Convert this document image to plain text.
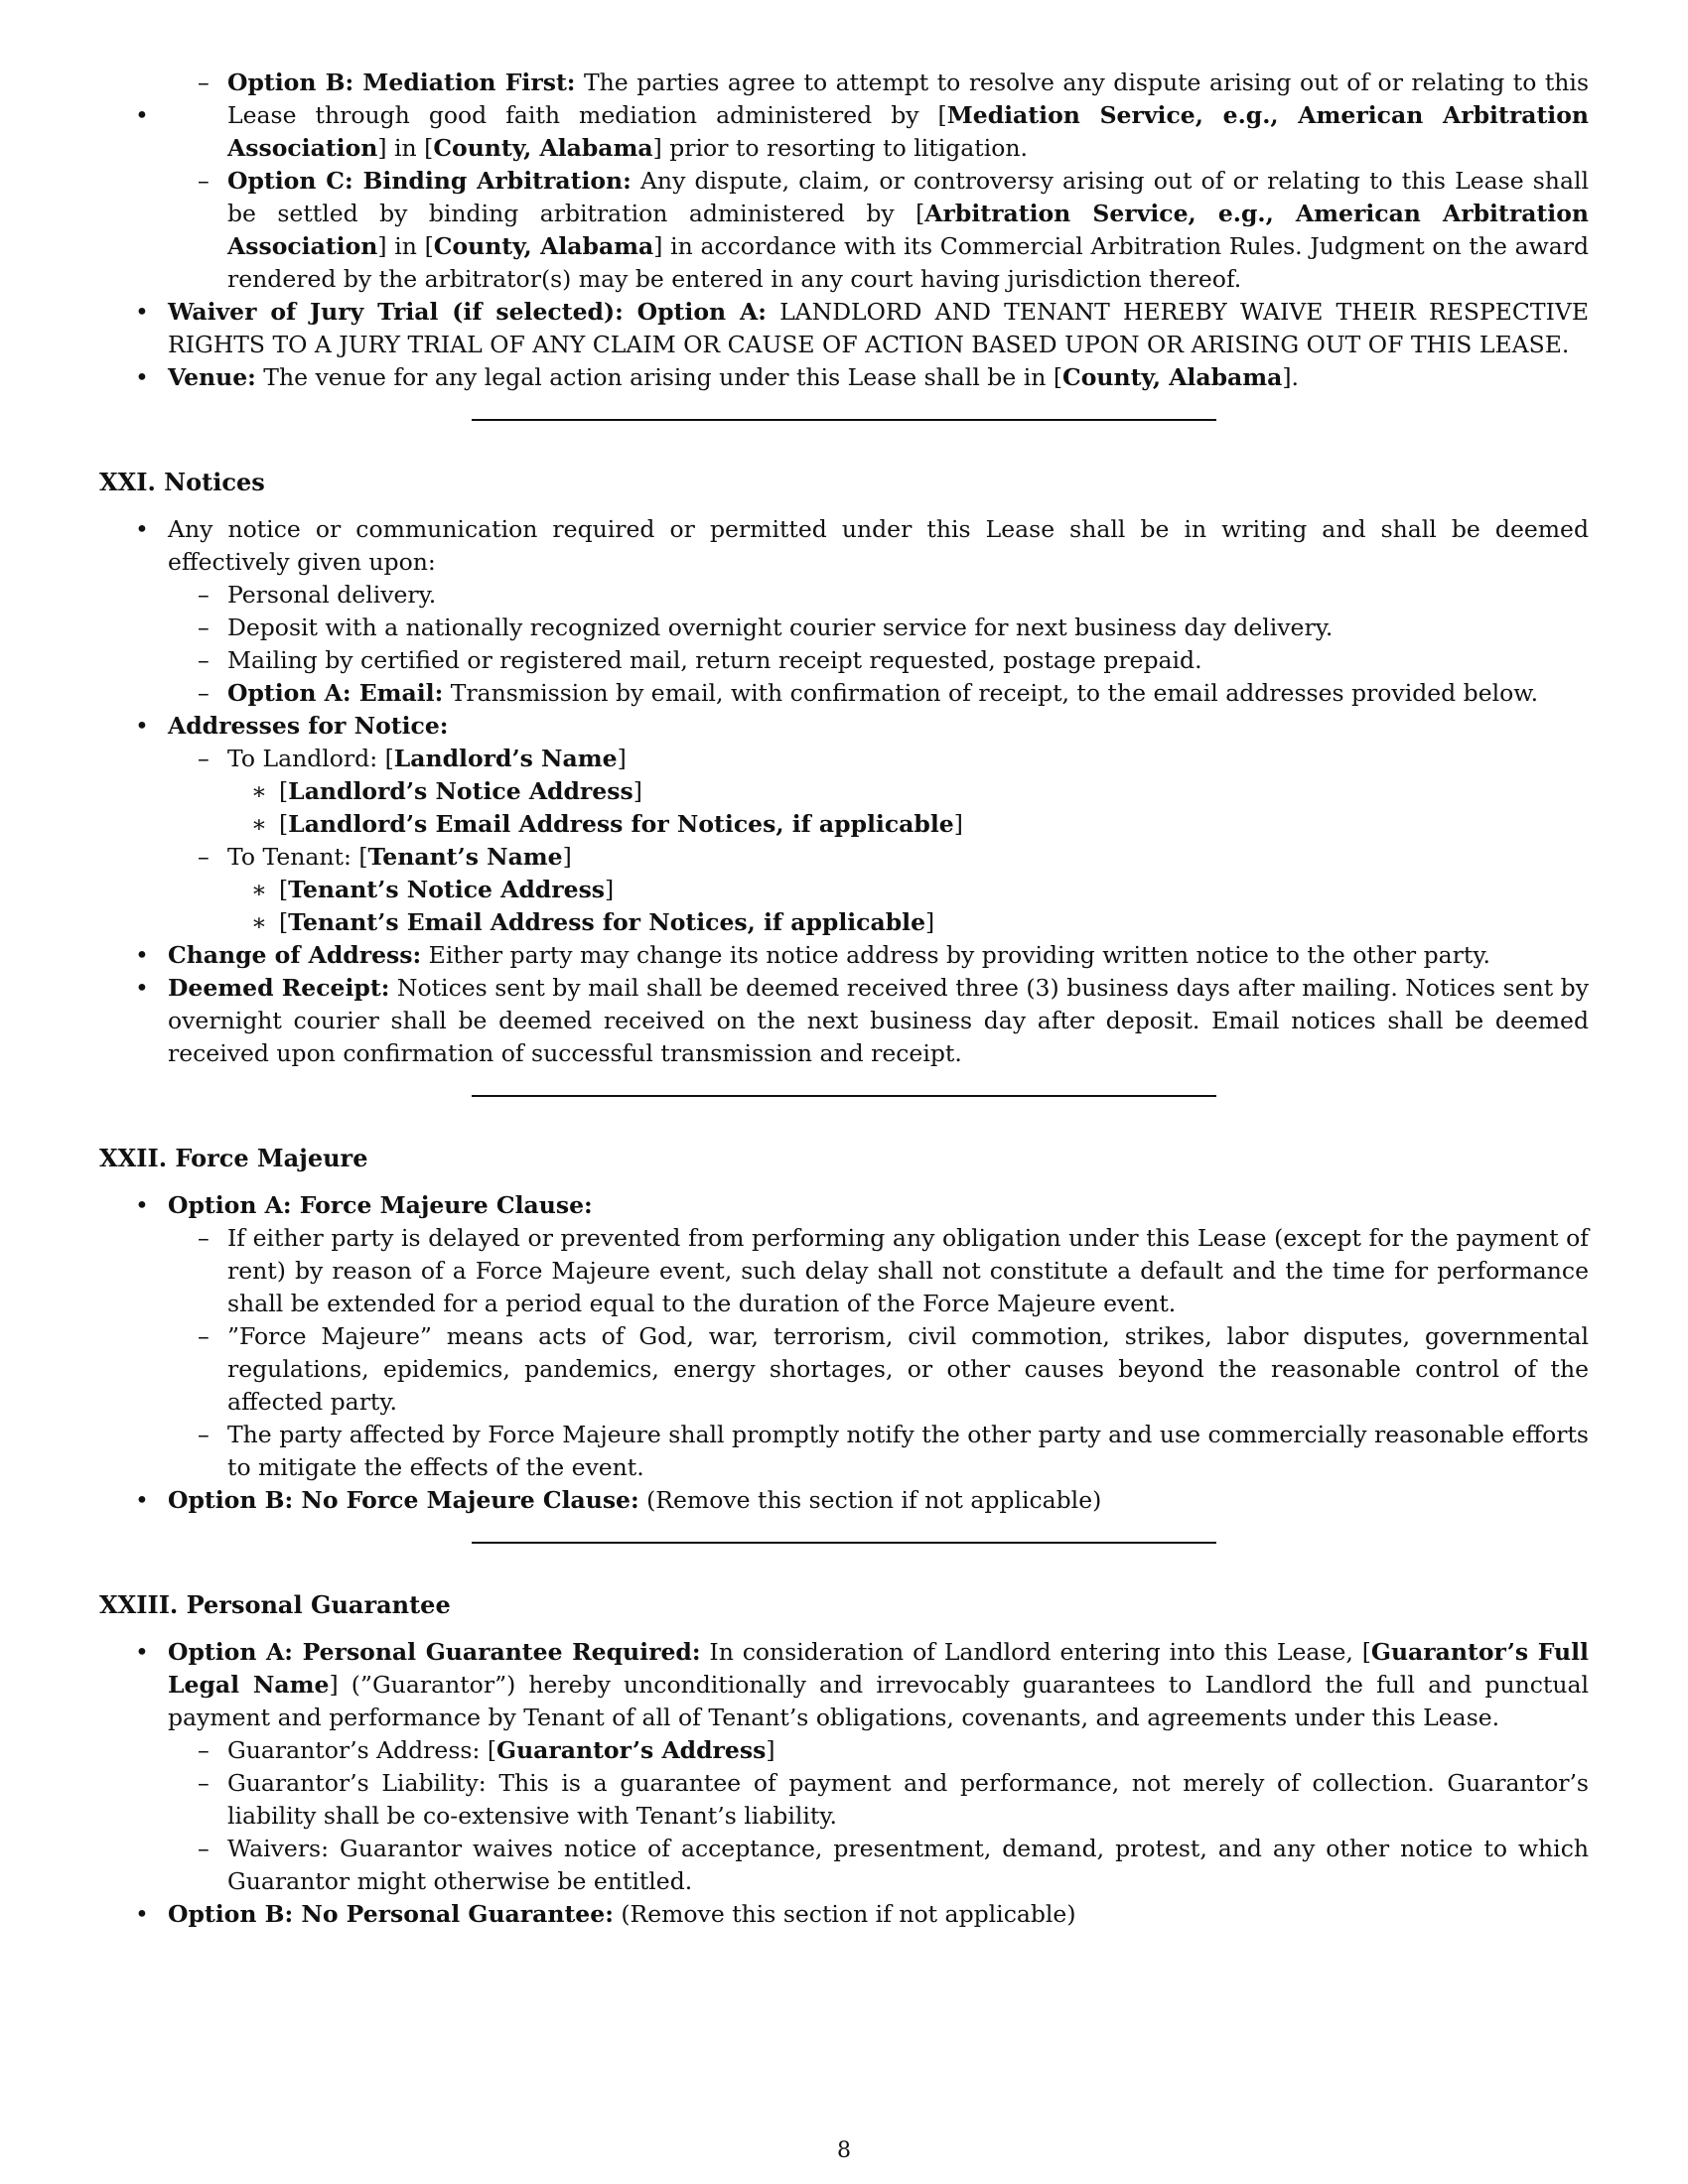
– Option B: Mediation First: The parties agree to attempt to resolve any dispute arising out of or relating to this Lease through good faith mediation administered by [Mediation Service, e.g., American Arbitration Association] in [County, Alabama] prior to resorting to litigation.
– Option C: Binding Arbitration: Any dispute, claim, or controversy arising out of or relating to this Lease shall be settled by binding arbitration administered by [Arbitration Service, e.g., American Arbitration Association] in [County, Alabama] in accordance with its Commercial Arbitration Rules. Judgment on the award rendered by the arbitrator(s) may be entered in any court having jurisdiction thereof.
• Waiver of Jury Trial (if selected): Option A: LANDLORD AND TENANT HEREBY WAIVE THEIR RESPECTIVE RIGHTS TO A JURY TRIAL OF ANY CLAIM OR CAUSE OF ACTION BASED UPON OR ARISING OUT OF THIS LEASE.
• Venue: The venue for any legal action arising under this Lease shall be in [County, Alabama].
XXI. Notices
• Any notice or communication required or permitted under this Lease shall be in writing and shall be deemed effectively given upon:
– Personal delivery.
– Deposit with a nationally recognized overnight courier service for next business day delivery.
– Mailing by certified or registered mail, return receipt requested, postage prepaid.
– Option A: Email: Transmission by email, with confirmation of receipt, to the email addresses provided below.
• Addresses for Notice:
– To Landlord: [Landlord’s Name]
∗ [Landlord’s Notice Address]
∗ [Landlord’s Email Address for Notices, if applicable]
– To Tenant: [Tenant’s Name]
∗ [Tenant’s Notice Address]
∗ [Tenant’s Email Address for Notices, if applicable]
• Change of Address: Either party may change its notice address by providing written notice to the other party.
• Deemed Receipt: Notices sent by mail shall be deemed received three (3) business days after mailing. Notices sent by overnight courier shall be deemed received on the next business day after deposit. Email notices shall be deemed received upon confirmation of successful transmission and receipt.
XXII. Force Majeure
• Option A: Force Majeure Clause:
– If either party is delayed or prevented from performing any obligation under this Lease (except for the payment of rent) by reason of a Force Majeure event, such delay shall not constitute a default and the time for performance shall be extended for a period equal to the duration of the Force Majeure event.
– ”Force Majeure” means acts of God, war, terrorism, civil commotion, strikes, labor disputes, governmental regulations, epidemics, pandemics, energy shortages, or other causes beyond the reasonable control of the affected party.
– The party affected by Force Majeure shall promptly notify the other party and use commercially reasonable efforts to mitigate the effects of the event.
• Option B: No Force Majeure Clause: (Remove this section if not applicable)
XXIII. Personal Guarantee
• Option A: Personal Guarantee Required: In consideration of Landlord entering into this Lease, [Guarantor’s Full Legal Name] (”Guarantor”) hereby unconditionally and irrevocably guarantees to Landlord the full and punctual payment and performance by Tenant of all of Tenant’s obligations, covenants, and agreements under this Lease.
– Guarantor’s Address: [Guarantor’s Address]
– Guarantor’s Liability: This is a guarantee of payment and performance, not merely of collection. Guarantor’s liability shall be co-extensive with Tenant’s liability.
– Waivers: Guarantor waives notice of acceptance, presentment, demand, protest, and any other notice to which Guarantor might otherwise be entitled.
• Option B: No Personal Guarantee: (Remove this section if not applicable)
8
